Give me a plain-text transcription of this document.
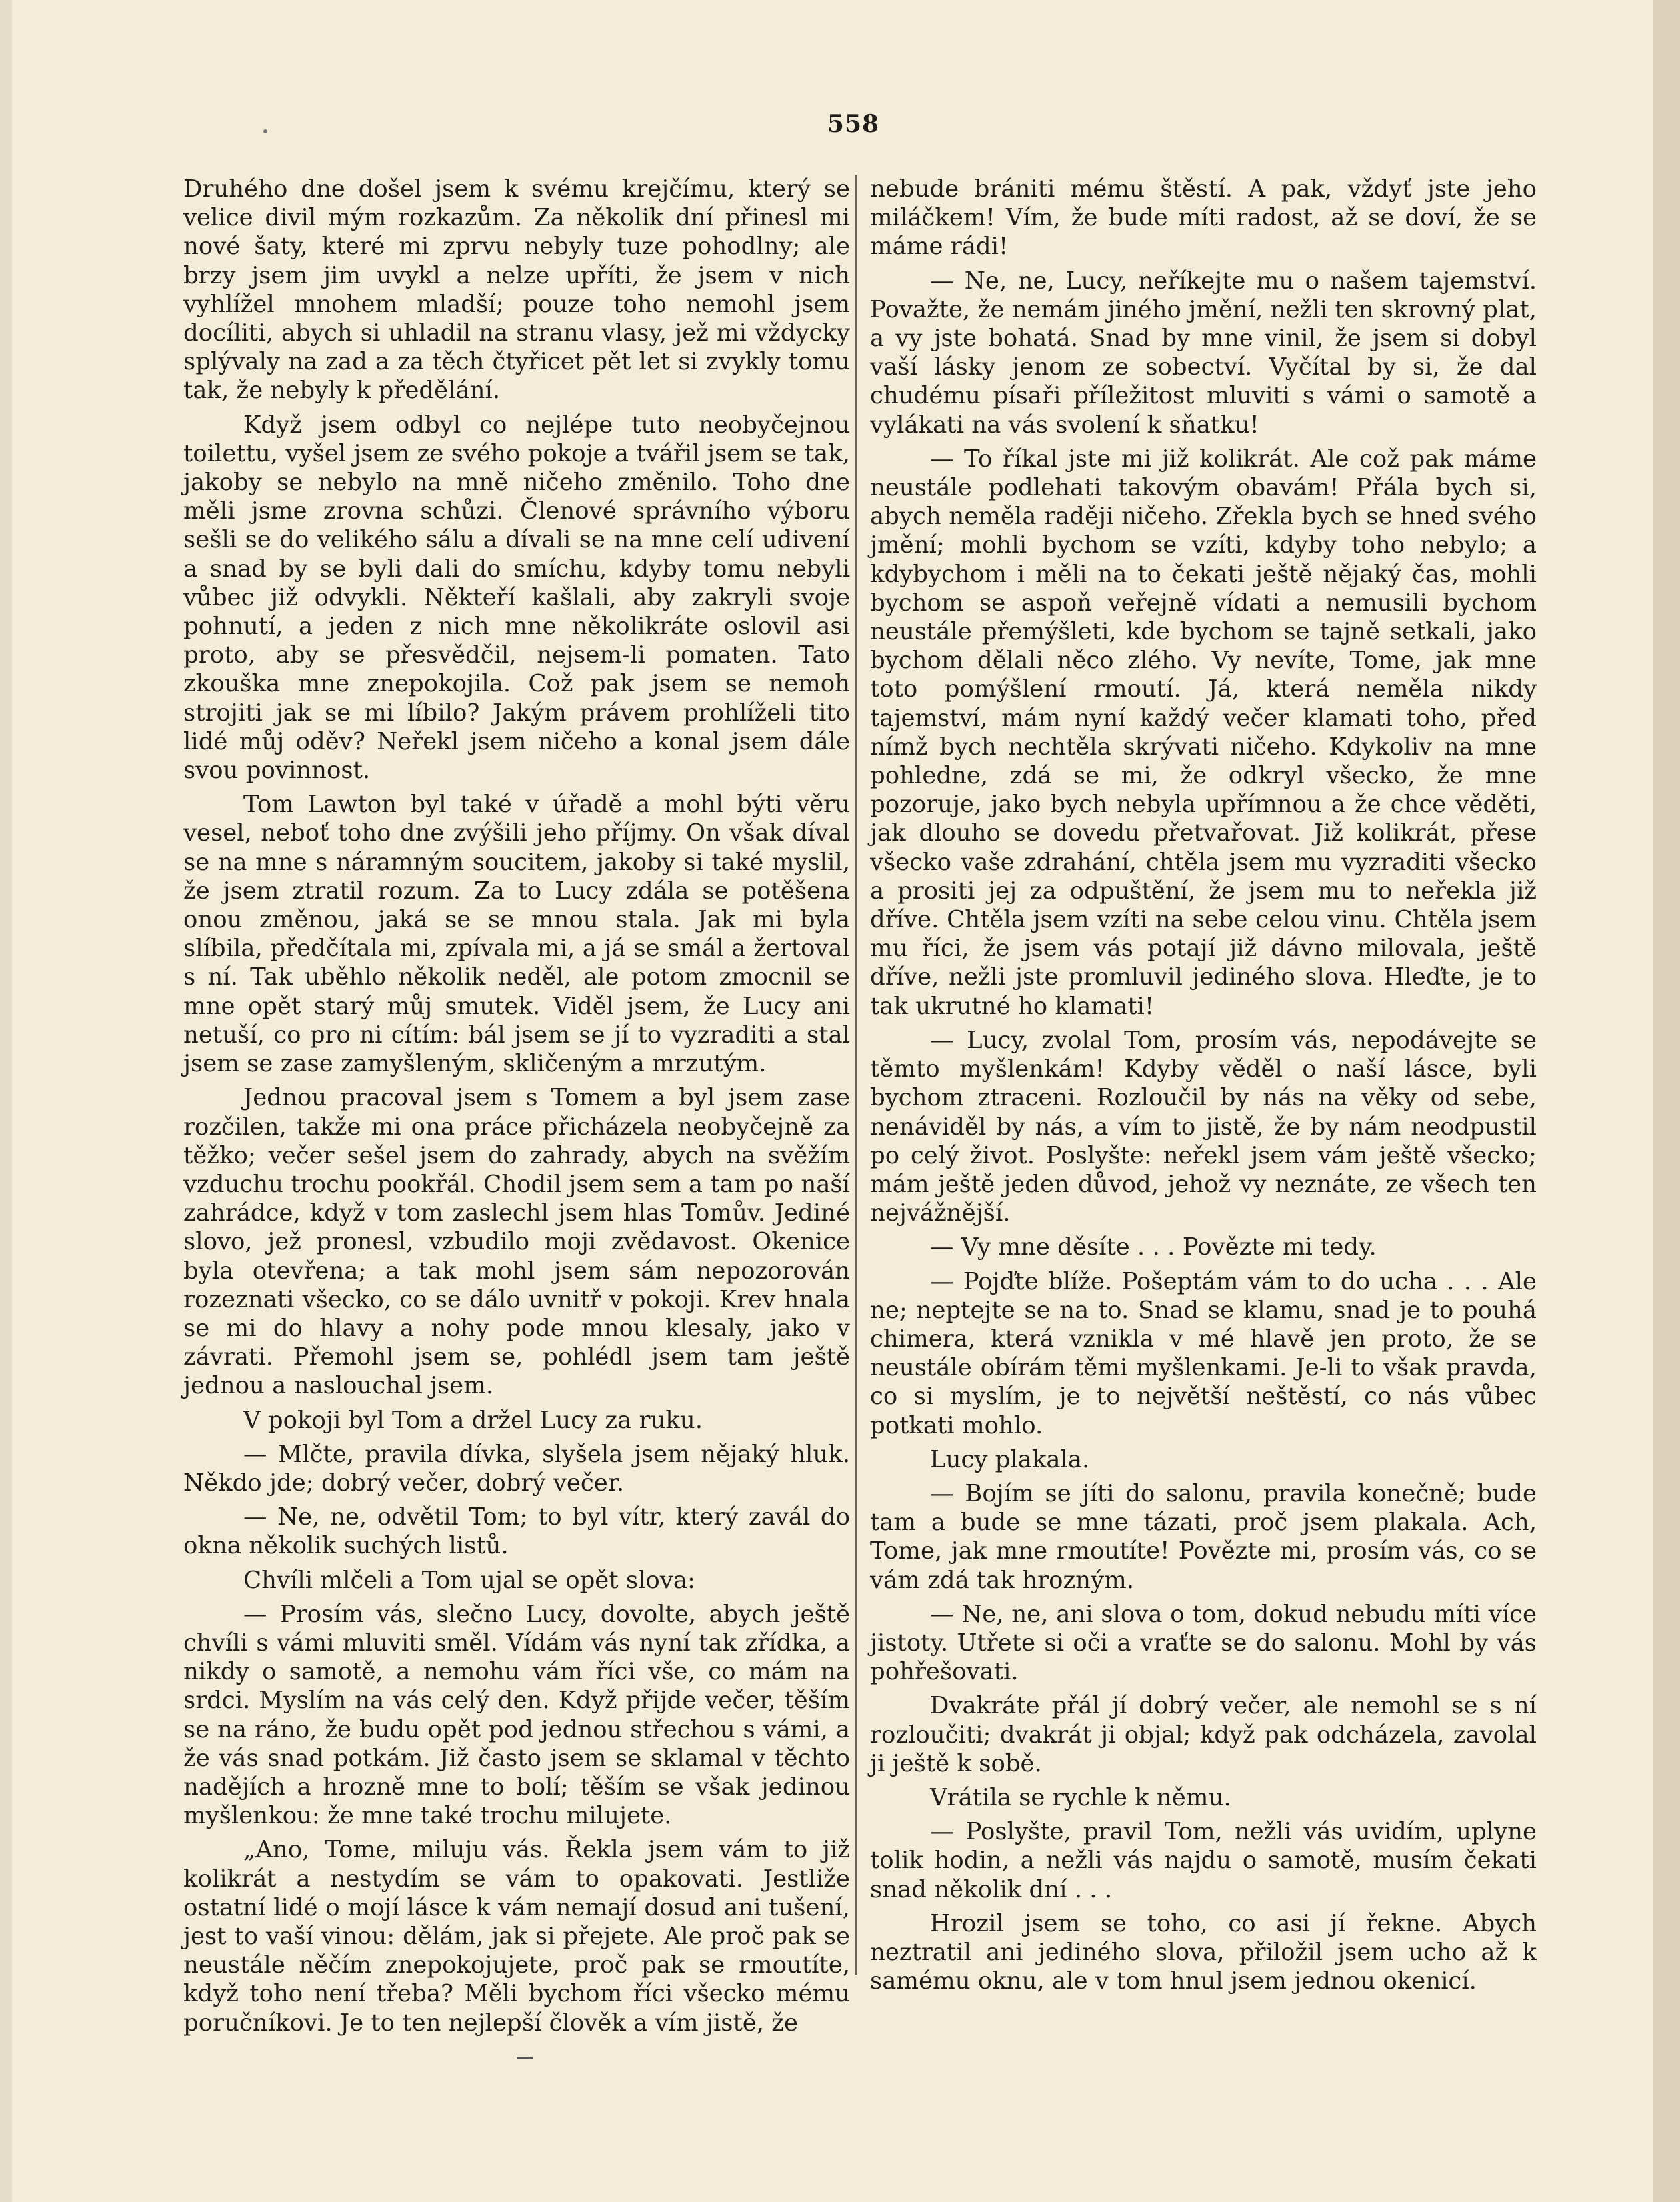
558

Druhého dne došel jsem k svému krejčímu, který se velice divil mým rozkazům. Za několik dní přinesl mi nové šaty, které mi zprvu nebyly tuze pohodlny; ale brzy jsem jim uvykl a nelze upříti, že jsem v nich vyhlížel mnohem mladší; pouze toho nemohl jsem docíliti, abych si uhladil na stranu vlasy, jež mi vždycky splývaly na zad a za těch čtyřicet pět let si zvykly tomu tak, že nebyly k předělání.

Když jsem odbyl co nejlépe tuto neobyčejnou toilettu, vyšel jsem ze svého pokoje a tvářil jsem se tak, jakoby se nebylo na mně ničeho změnilo. Toho dne měli jsme zrovna schůzi. Členové správního výboru sešli se do velikého sálu a dívali se na mne celí udivení a snad by se byli dali do smíchu, kdyby tomu nebyli vůbec již odvykli. Někteří kašlali, aby zakryli svoje pohnutí, a jeden z nich mne několikráte oslovil asi proto, aby se přesvědčil, nejsem-li pomaten. Tato zkouška mne znepokojila. Což pak jsem se nemoh strojiti jak se mi líbilo? Jakým právem prohlíželi tito lidé můj oděv? Neřekl jsem ničeho a konal jsem dále svou povinnost.

Tom Lawton byl také v úřadě a mohl býti věru vesel, neboť toho dne zvýšili jeho příjmy. On však díval se na mne s náramným soucitem, jakoby si také myslil, že jsem ztratil rozum. Za to Lucy zdála se potěšena onou změnou, jaká se se mnou stala. Jak mi byla slíbila, předčítala mi, zpívala mi, a já se smál a žertoval s ní. Tak uběhlo několik neděl, ale potom zmocnil se mne opět starý můj smutek. Viděl jsem, že Lucy ani netuší, co pro ni cítím: bál jsem se jí to vyzraditi a stal jsem se zase zamyšleným, skličeným a mrzutým.

Jednou pracoval jsem s Tomem a byl jsem zase rozčilen, takže mi ona práce přicházela neobyčejně za těžko; večer sešel jsem do zahrady, abych na svěžím vzduchu trochu pookřál. Chodil jsem sem a tam po naší zahrádce, když v tom zaslechl jsem hlas Tomův. Jediné slovo, jež pronesl, vzbudilo moji zvědavost. Okenice byla otevřena; a tak mohl jsem sám nepozorován rozeznati všecko, co se dálo uvnitř v pokoji. Krev hnala se mi do hlavy a nohy pode mnou klesaly, jako v závrati. Přemohl jsem se, pohlédl jsem tam ještě jednou a naslouchal jsem.

V pokoji byl Tom a držel Lucy za ruku.

— Mlčte, pravila dívka, slyšela jsem nějaký hluk. Někdo jde; dobrý večer, dobrý večer.

— Ne, ne, odvětil Tom; to byl vítr, který zavál do okna několik suchých listů.

Chvíli mlčeli a Tom ujal se opět slova:

— Prosím vás, slečno Lucy, dovolte, abych ještě chvíli s vámi mluviti směl. Vídám vás nyní tak zřídka, a nikdy o samotě, a nemohu vám říci vše, co mám na srdci. Myslím na vás celý den. Když přijde večer, těším se na ráno, že budu opět pod jednou střechou s vámi, a že vás snad potkám. Již často jsem se sklamal v těchto nadějích a hrozně mne to bolí; těším se však jedinou myšlenkou: že mne také trochu milujete.

„Ano, Tome, miluju vás. Řekla jsem vám to již kolikrát a nestydím se vám to opakovati. Jestliže ostatní lidé o mojí lásce k vám nemají dosud ani tušení, jest to vaší vinou: dělám, jak si přejete. Ale proč pak se neustále něčím znepokojujete, proč pak se rmoutíte, když toho není třeba? Měli bychom říci všecko mému poručníkovi. Je to ten nejlepší člověk a vím jistě, že

nebude brániti mému štěstí. A pak, vždyť jste jeho miláčkem! Vím, že bude míti radost, až se doví, že se máme rádi!

— Ne, ne, Lucy, neříkejte mu o našem tajemství. Považte, že nemám jiného jmění, nežli ten skrovný plat, a vy jste bohatá. Snad by mne vinil, že jsem si dobyl vaší lásky jenom ze sobectví. Vyčítal by si, že dal chudému písaři příležitost mluviti s vámi o samotě a vylákati na vás svolení k sňatku!

— To říkal jste mi již kolikrát. Ale což pak máme neustále podlehati takovým obavám! Přála bych si, abych neměla raději ničeho. Zřekla bych se hned svého jmění; mohli bychom se vzíti, kdyby toho nebylo; a kdybychom i měli na to čekati ještě nějaký čas, mohli bychom se aspoň veřejně vídati a nemusili bychom neustále přemýšleti, kde bychom se tajně setkali, jako bychom dělali něco zlého. Vy nevíte, Tome, jak mne toto pomýšlení rmoutí. Já, která neměla nikdy tajemství, mám nyní každý večer klamati toho, před nímž bych nechtěla skrývati ničeho. Kdykoliv na mne pohledne, zdá se mi, že odkryl všecko, že mne pozoruje, jako bych nebyla upřímnou a že chce věděti, jak dlouho se dovedu přetvařovat. Již kolikrát, přese všecko vaše zdrahání, chtěla jsem mu vyzraditi všecko a prositi jej za odpuštění, že jsem mu to neřekla již dříve. Chtěla jsem vzíti na sebe celou vinu. Chtěla jsem mu říci, že jsem vás potají již dávno milovala, ještě dříve, nežli jste promluvil jediného slova. Hleďte, je to tak ukrutné ho klamati!

— Lucy, zvolal Tom, prosím vás, nepodávejte se těmto myšlenkám! Kdyby věděl o naší lásce, byli bychom ztraceni. Rozloučil by nás na věky od sebe, nenáviděl by nás, a vím to jistě, že by nám neodpustil po celý život. Poslyšte: neřekl jsem vám ještě všecko; mám ještě jeden důvod, jehož vy neznáte, ze všech ten nejvážnější.

— Vy mne děsíte . . . Povězte mi tedy.

— Pojďte blíže. Pošeptám vám to do ucha . . . Ale ne; neptejte se na to. Snad se klamu, snad je to pouhá chimera, která vznikla v mé hlavě jen proto, že se neustále obírám těmi myšlenkami. Je-li to však pravda, co si myslím, je to největší neštěstí, co nás vůbec potkati mohlo.

Lucy plakala.

— Bojím se jíti do salonu, pravila konečně; bude tam a bude se mne tázati, proč jsem plakala. Ach, Tome, jak mne rmoutíte! Povězte mi, prosím vás, co se vám zdá tak hrozným.

— Ne, ne, ani slova o tom, dokud nebudu míti více jistoty. Utřete si oči a vraťte se do salonu. Mohl by vás pohřešovati.

Dvakráte přál jí dobrý večer, ale nemohl se s ní rozloučiti; dvakrát ji objal; když pak odcházela, zavolal ji ještě k sobě.

Vrátila se rychle k němu.

— Poslyšte, pravil Tom, nežli vás uvidím, uplyne tolik hodin, a nežli vás najdu o samotě, musím čekati snad několik dní . . .

Hrozil jsem se toho, co asi jí řekne. Abych neztratil ani jediného slova, přiložil jsem ucho až k samému oknu, ale v tom hnul jsem jednou okenicí.
